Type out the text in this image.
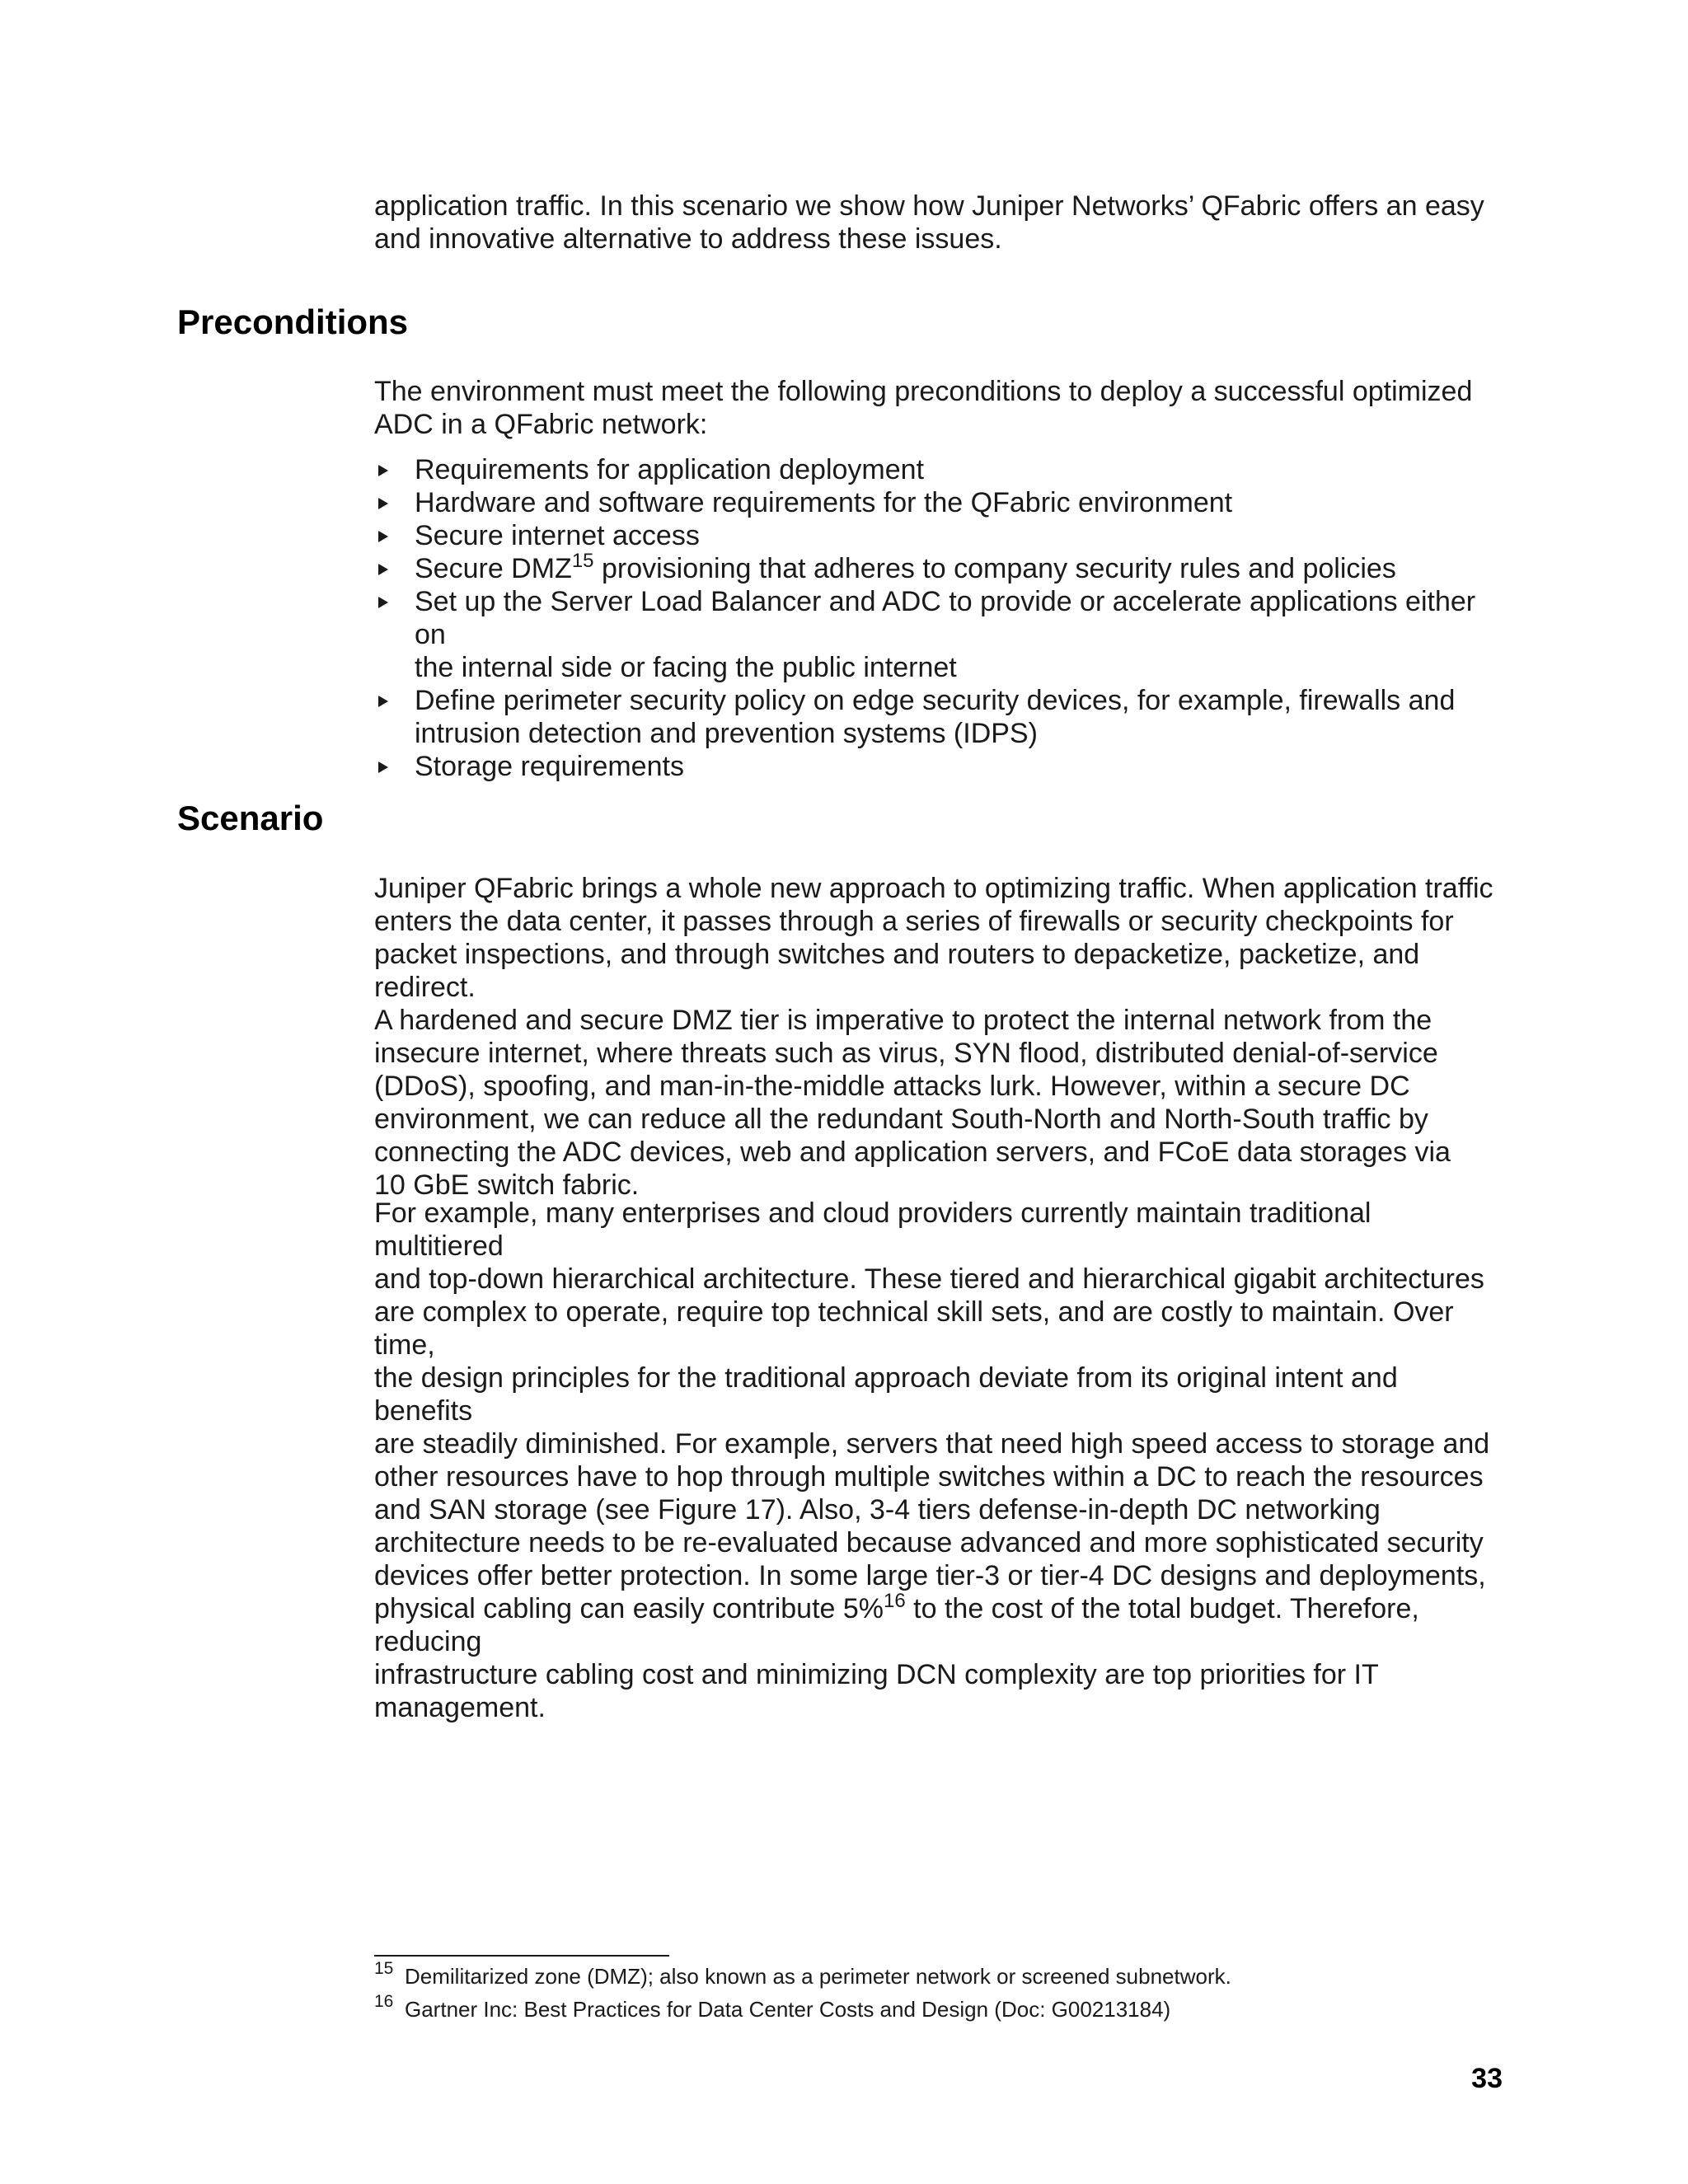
application traffic. In this scenario we show how Juniper Networks’ QFabric offers an easy

and innovative alternative to address these issues.

Preconditions

The environment must meet the following preconditions to deploy a successful optimized

ADC in a QFabric network:

Requirements for application deployment
Hardware and software requirements for the QFabric environment
Secure internet access
Secure DMZ$^{15}$ provisioning that adheres to company security rules and policies
Set up the Server Load Balancer and ADC to provide or accelerate applications either on
the internal side or facing the public internet
Define perimeter security policy on edge security devices, for example, firewalls and
intrusion detection and prevention systems (IDPS)
Storage requirements
Scenario

Juniper QFabric brings a whole new approach to optimizing traffic. When application traffic

enters the data center, it passes through a series of firewalls or security checkpoints for

packet inspections, and through switches and routers to depacketize, packetize, and redirect.

A hardened and secure DMZ tier is imperative to protect the internal network from the

insecure internet, where threats such as virus, SYN flood, distributed denial-of-service

(DDoS), spoofing, and man-in-the-middle attacks lurk. However, within a secure DC

environment, we can reduce all the redundant South-North and North-South traffic by

connecting the ADC devices, web and application servers, and FCoE data storages via

10 GbE switch fabric.

For example, many enterprises and cloud providers currently maintain traditional multitiered

and top-down hierarchical architecture. These tiered and hierarchical gigabit architectures

are complex to operate, require top technical skill sets, and are costly to maintain. Over time,

the design principles for the traditional approach deviate from its original intent and benefits

are steadily diminished. For example, servers that need high speed access to storage and

other resources have to hop through multiple switches within a DC to reach the resources

and SAN storage (see Figure 17). Also, 3-4 tiers defense-in-depth DC networking

architecture needs to be re-evaluated because advanced and more sophisticated security

devices offer better protection. In some large tier-3 or tier-4 DC designs and deployments,

physical cabling can easily contribute 5%$^{16}$ to the cost of the total budget. Therefore, reducing

infrastructure cabling cost and minimizing DCN complexity are top priorities for IT

management.

15 Demilitarized zone (DMZ); also known as a perimeter network or screened subnetwork.
16 Gartner Inc: Best Practices for Data Center Costs and Design (Doc: G00213184)
33
